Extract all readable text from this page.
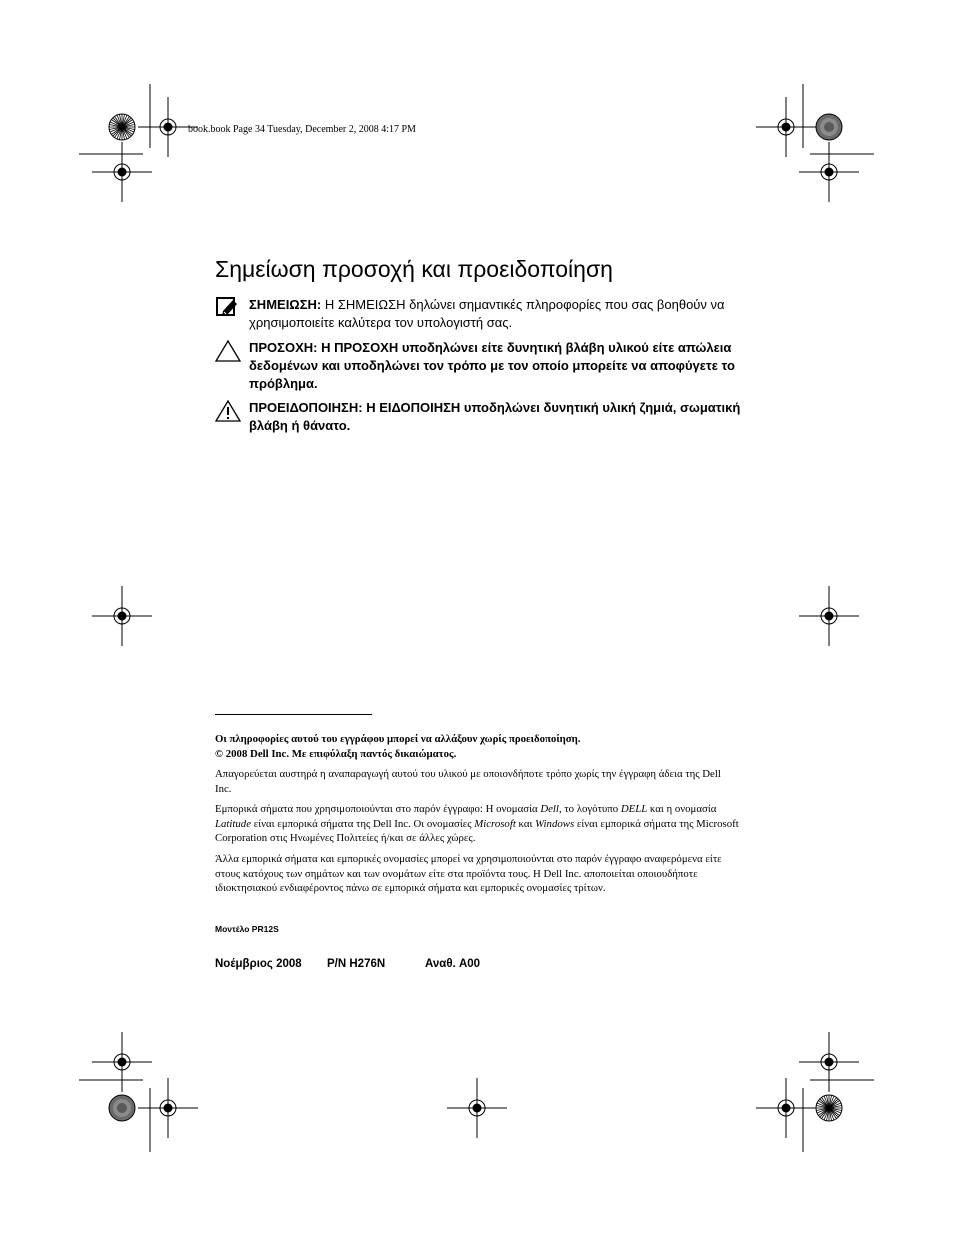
book.book Page 34 Tuesday, December 2, 2008 4:17 PM
Σημείωση προσοχή και προειδοποίηση
ΣΗΜΕΙΩΣΗ: Η ΣΗΜΕΙΩΣΗ δηλώνει σημαντικές πληροφορίες που σας βοηθούν να χρησιμοποιείτε καλύτερα τον υπολογιστή σας.
ΠΡΟΣΟΧΗ: Η ΠΡΟΣΟΧΗ υποδηλώνει είτε δυνητική βλάβη υλικού είτε απώλεια δεδομένων και υποδηλώνει τον τρόπο με τον οποίο μπορείτε να αποφύγετε το πρόβλημα.
ΠΡΟΕΙΔΟΠΟΙΗΣΗ: Η ΕΙΔΟΠΟΙΗΣΗ υποδηλώνει δυνητική υλική ζημιά, σωματική βλάβη ή θάνατο.

Οι πληροφορίες αυτού του εγγράφου μπορεί να αλλάξουν χωρίς προειδοποίηση.

© 2008 Dell Inc. Με επιφύλαξη παντός δικαιώματος.

Απαγορεύεται αυστηρά η αναπαραγωγή αυτού του υλικού με οποιονδήποτε τρόπο χωρίς την έγγραφη άδεια της Dell Inc.

Εμπορικά σήματα που χρησιμοποιούνται στο παρόν έγγραφο: Η ονομασία Dell, το λογότυπο DELL και η ονομασία Latitude είναι εμπορικά σήματα της Dell Inc. Οι ονομασίες Microsoft και Windows είναι εμπορικά σήματα της Microsoft Corporation στις Ηνωμένες Πολιτείες ή/και σε άλλες χώρες.

Άλλα εμπορικά σήματα και εμπορικές ονομασίες μπορεί να χρησιμοποιούνται στο παρόν έγγραφο αναφερόμενα είτε στους κατόχους των σημάτων και των ονομάτων είτε στα προϊόντα τους. Η Dell Inc. αποποιείται οποιουδήποτε ιδιοκτησιακού ενδιαφέροντος πάνω σε εμπορικά σήματα και εμπορικές ονομασίες τρίτων.

Μοντέλο PR12S
Νοέμβριος 2008 P/N H276N	Αναθ. A00
